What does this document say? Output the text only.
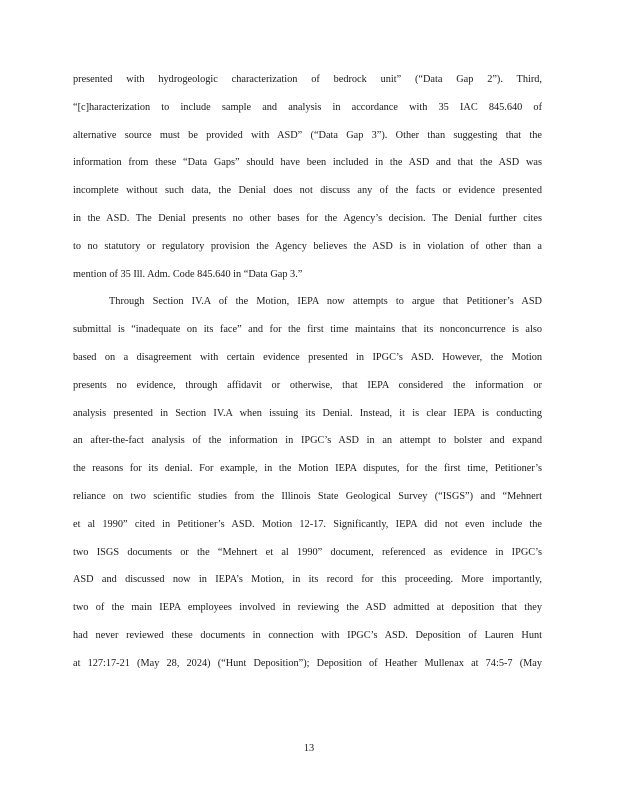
presented with hydrogeologic characterization of bedrock unit” (“Data Gap 2”). Third,
“[c]haracterization to include sample and analysis in accordance with 35 IAC 845.640 of
alternative source must be provided with ASD” (“Data Gap 3”). Other than suggesting that the
information from these “Data Gaps” should have been included in the ASD and that the ASD was
incomplete without such data, the Denial does not discuss any of the facts or evidence presented
in the ASD. The Denial presents no other bases for the Agency’s decision. The Denial further cites
to no statutory or regulatory provision the Agency believes the ASD is in violation of other than a
mention of 35 Ill. Adm. Code 845.640 in “Data Gap 3.”
Through Section IV.A of the Motion, IEPA now attempts to argue that Petitioner’s ASD
submittal is “inadequate on its face” and for the first time maintains that its nonconcurrence is also
based on a disagreement with certain evidence presented in IPGC’s ASD. However, the Motion
presents no evidence, through affidavit or otherwise, that IEPA considered the information or
analysis presented in Section IV.A when issuing its Denial. Instead, it is clear IEPA is conducting
an after-the-fact analysis of the information in IPGC’s ASD in an attempt to bolster and expand
the reasons for its denial. For example, in the Motion IEPA disputes, for the first time, Petitioner’s
reliance on two scientific studies from the Illinois State Geological Survey (“ISGS”) and “Mehnert
et al 1990” cited in Petitioner’s ASD. Motion 12-17. Significantly, IEPA did not even include the
two ISGS documents or the “Mehnert et al 1990” document, referenced as evidence in IPGC’s
ASD and discussed now in IEPA’s Motion, in its record for this proceeding. More importantly,
two of the main IEPA employees involved in reviewing the ASD admitted at deposition that they
had never reviewed these documents in connection with IPGC’s ASD. Deposition of Lauren Hunt
at 127:17-21 (May 28, 2024) (“Hunt Deposition”); Deposition of Heather Mullenax at 74:5-7 (May
13
